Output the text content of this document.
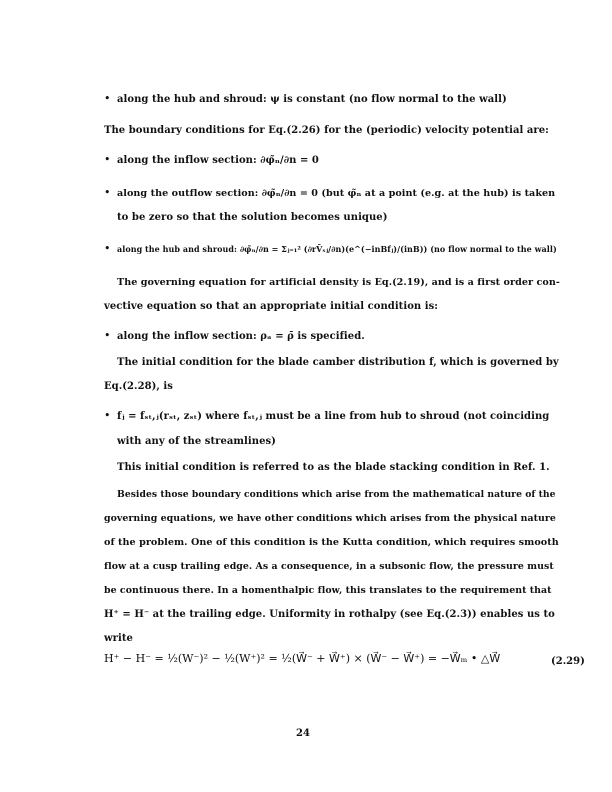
• along the hub and shroud: ψ is constant (no flow normal to the wall)
The boundary conditions for Eq.(2.26) for the (periodic) velocity potential are:
• along the inflow section: ∂φ̃ₙ/∂n = 0
• along the outflow section: ∂φ̃ₙ/∂n = 0 (but φ̃ₙ at a point (e.g. at the hub) is taken
to be zero so that the solution becomes unique)
• along the hub and shroud: ∂φ̃ₙ/∂n = Σⱼ₌₁² (∂rV̄ₛⱼ/∂n)(e^(−inBfⱼ)/(inB)) (no flow normal to the wall)
The governing equation for artificial density is Eq.(2.19), and is a first order con-
vective equation so that an appropriate initial condition is:
• along the inflow section: ρₐ = ρ̄ is specified.
The initial condition for the blade camber distribution f, which is governed by
Eq.(2.28), is
• fⱼ = fₛₜ,ⱼ(rₛₜ, zₛₜ) where fₛₜ,ⱼ must be a line from hub to shroud (not coinciding
with any of the streamlines)
This initial condition is referred to as the blade stacking condition in Ref. 1.
Besides those boundary conditions which arise from the mathematical nature of the
governing equations, we have other conditions which arises from the physical nature
of the problem. One of this condition is the Kutta condition, which requires smooth
flow at a cusp trailing edge. As a consequence, in a subsonic flow, the pressure must
be continuous there. In a homenthalpic flow, this translates to the requirement that
H⁺ = H⁻ at the trailing edge. Uniformity in rothalpy (see Eq.(2.3)) enables us to
write
H⁺ − H⁻ = ½(W⁻)² − ½(W⁺)² = ½(W⃗⁻ + W⃗⁺) × (W⃗⁻ − W⃗⁺) = −W⃗ₘ • △W⃗	(2.29)
24
